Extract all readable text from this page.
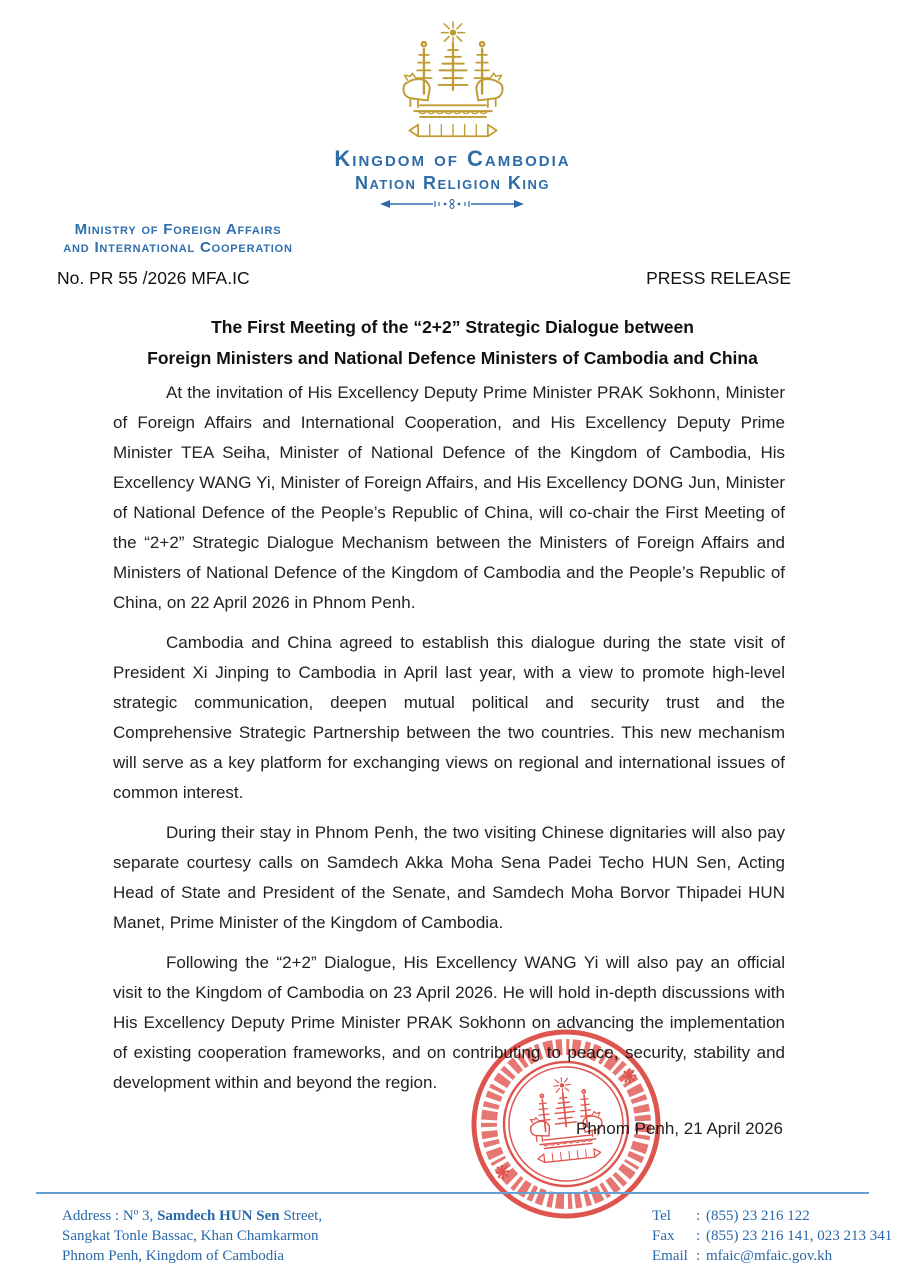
Kingdom of Cambodia
Nation Religion King
Ministry of Foreign Affairs
and International Cooperation
No. PR 55 /2026 MFA.IC	PRESS RELEASE
The First Meeting of the “2+2” Strategic Dialogue between
Foreign Ministers and National Defence Ministers of Cambodia and China

At the invitation of His Excellency Deputy Prime Minister PRAK Sokhonn, Minister of Foreign Affairs and International Cooperation, and His Excellency Deputy Prime Minister TEA Seiha, Minister of National Defence of the Kingdom of Cambodia, His Excellency WANG Yi, Minister of Foreign Affairs, and His Excellency DONG Jun, Minister of National Defence of the People’s Republic of China, will co-chair the First Meeting of the “2+2” Strategic Dialogue Mechanism between the Ministers of Foreign Affairs and Ministers of National Defence of the Kingdom of Cambodia and the People’s Republic of China, on 22 April 2026 in Phnom Penh.

Cambodia and China agreed to establish this dialogue during the state visit of President Xi Jinping to Cambodia in April last year, with a view to promote high-level strategic communication, deepen mutual political and security trust and the Comprehensive Strategic Partnership between the two countries. This new mechanism will serve as a key platform for exchanging views on regional and international issues of common interest.

During their stay in Phnom Penh, the two visiting Chinese dignitaries will also pay separate courtesy calls on Samdech Akka Moha Sena Padei Techo HUN Sen, Acting Head of State and President of the Senate, and Samdech Moha Borvor Thipadei HUN Manet, Prime Minister of the Kingdom of Cambodia.

Following the “2+2” Dialogue, His Excellency WANG Yi will also pay an official visit to the Kingdom of Cambodia on 23 April 2026. He will hold in-depth discussions with His Excellency Deputy Prime Minister PRAK Sokhonn on advancing the implementation of existing cooperation frameworks, and on contributing to peace, security, stability and development within and beyond the region.

Phnom Penh, 21 April 2026
Address : Nº 3, Samdech HUN Sen Street,
Sangkat Tonle Bassac, Khan Chamkarmon
Phnom Penh, Kingdom of Cambodia
Tel	: (855) 23 216 122
Fax	: (855) 23 216 141, 023 213 341
Email : mfaic@mfaic.gov.kh
